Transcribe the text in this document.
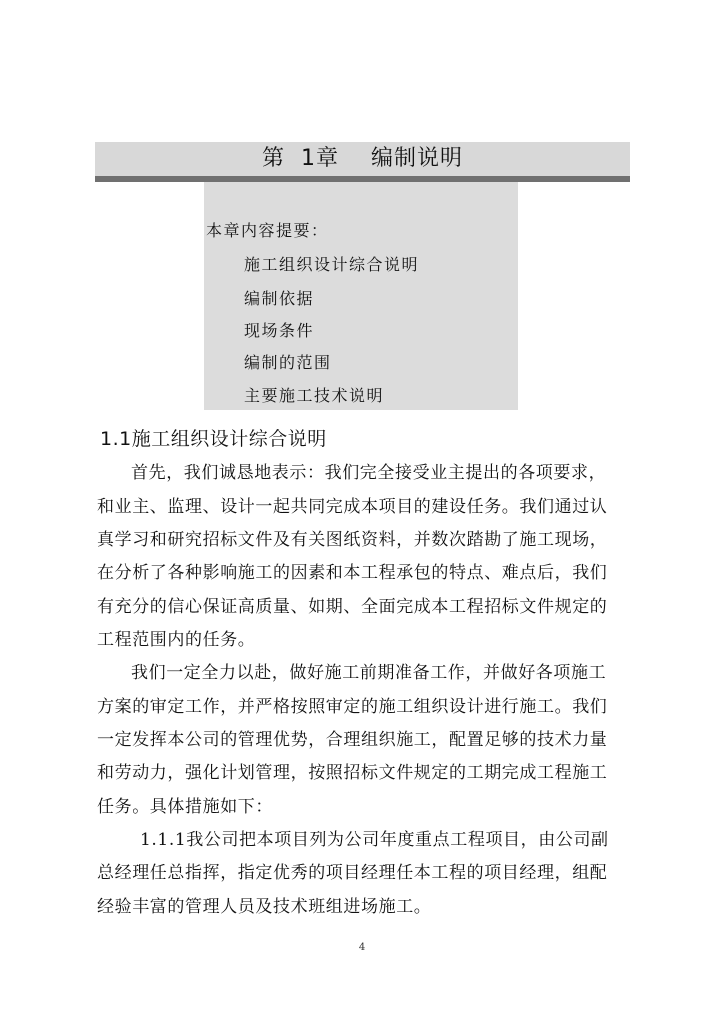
第  1章 编制说明
本章内容提要：
施工组织设计综合说明
编制依据
现场条件
编制的范围
主要施工技术说明
1.1施工组织设计综合说明
首先，我们诚恳地表示：我们完全接受业主提出的各项要求，
和业主、监理、设计一起共同完成本项目的建设任务。我们通过认
真学习和研究招标文件及有关图纸资料，并数次踏勘了施工现场，
在分析了各种影响施工的因素和本工程承包的特点、难点后，我们
有充分的信心保证高质量、如期、全面完成本工程招标文件规定的
工程范围内的任务。
我们一定全力以赴，做好施工前期准备工作，并做好各项施工
方案的审定工作，并严格按照审定的施工组织设计进行施工。我们
一定发挥本公司的管理优势，合理组织施工，配置足够的技术力量
和劳动力，强化计划管理，按照招标文件规定的工期完成工程施工
任务。具体措施如下：
1.1.1我公司把本项目列为公司年度重点工程项目，由公司副
总经理任总指挥，指定优秀的项目经理任本工程的项目经理，组配
经验丰富的管理人员及技术班组进场施工。
4
